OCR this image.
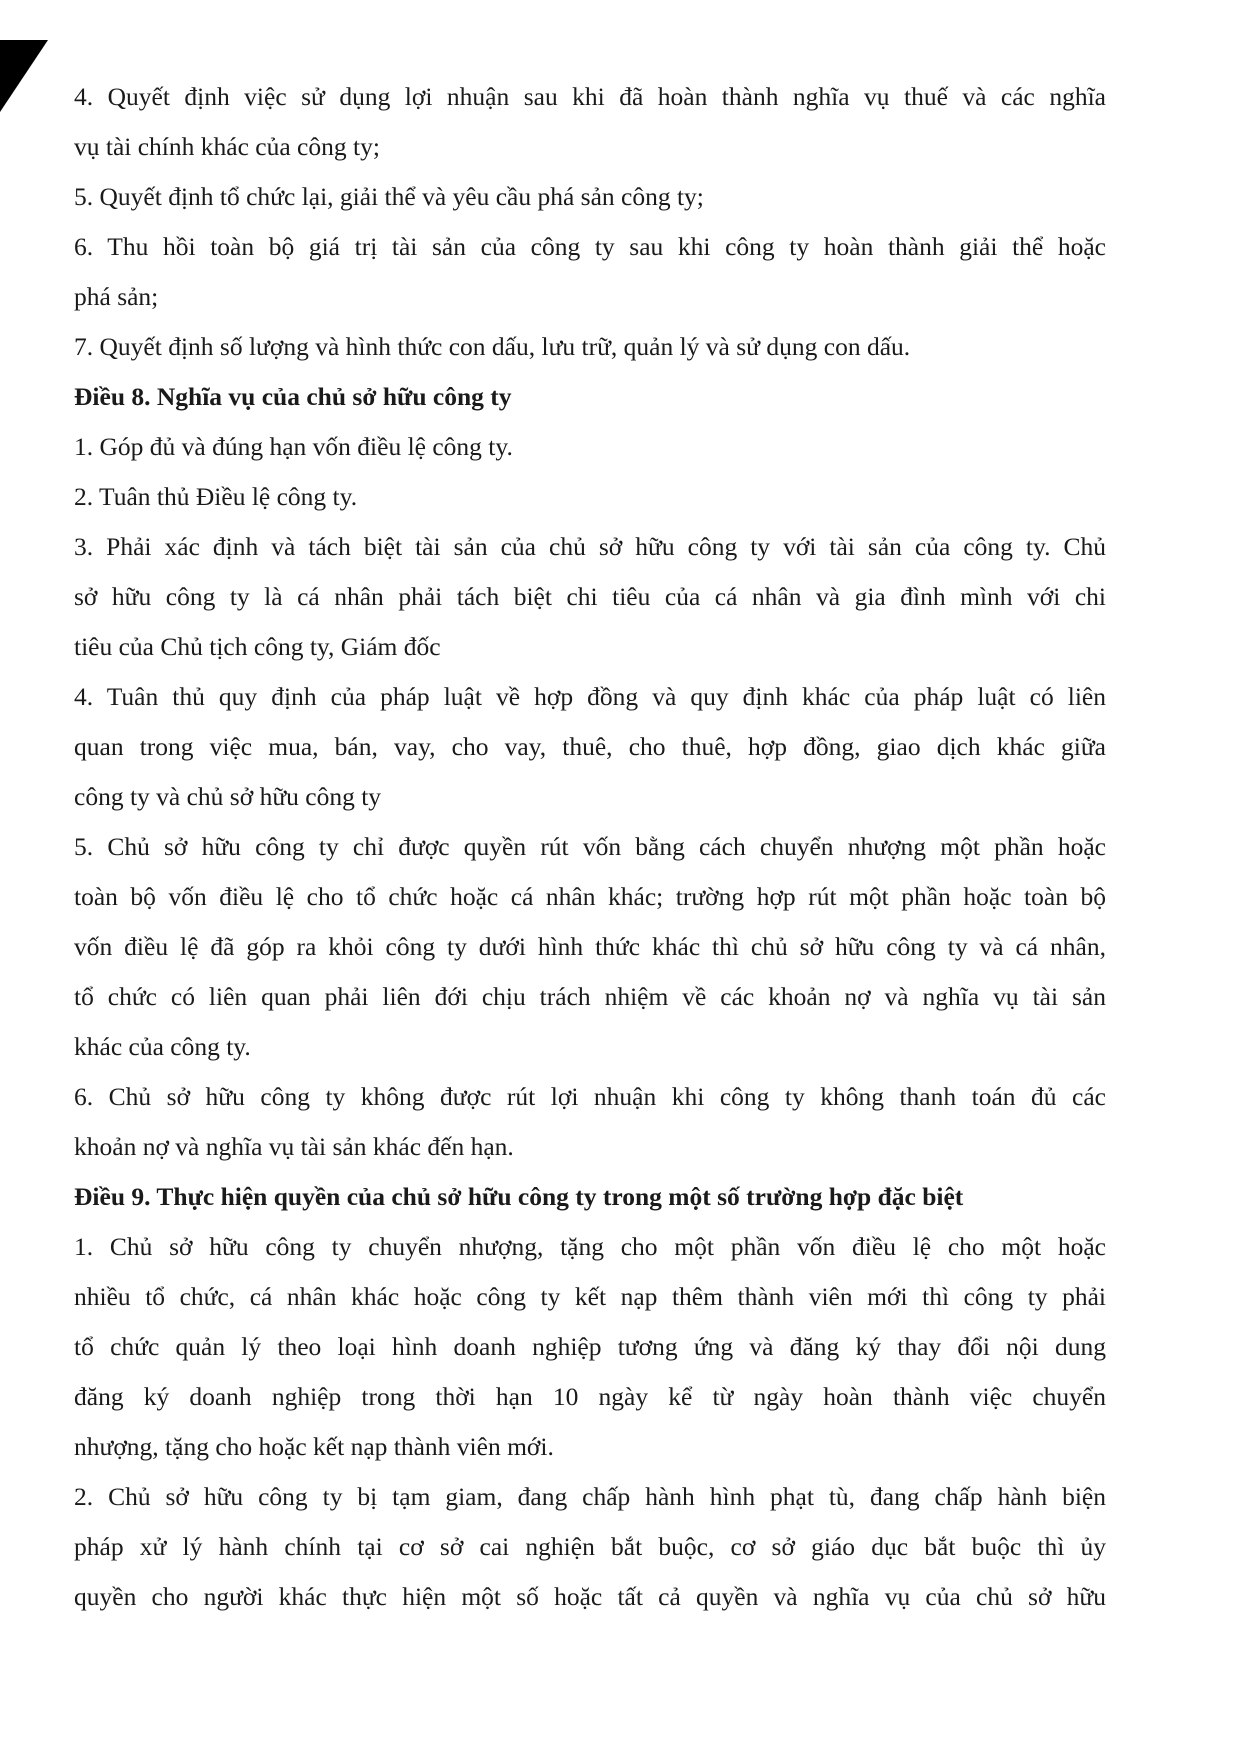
4. Quyết định việc sử dụng lợi nhuận sau khi đã hoàn thành nghĩa vụ thuế và các nghĩa

vụ tài chính khác của công ty;

5. Quyết định tổ chức lại, giải thể và yêu cầu phá sản công ty;

6. Thu hồi toàn bộ giá trị tài sản của công ty sau khi công ty hoàn thành giải thể hoặc

phá sản;

7. Quyết định số lượng và hình thức con dấu, lưu trữ, quản lý và sử dụng con dấu.

Điều 8. Nghĩa vụ của chủ sở hữu công ty

1. Góp đủ và đúng hạn vốn điều lệ công ty.

2. Tuân thủ Điều lệ công ty.

3. Phải xác định và tách biệt tài sản của chủ sở hữu công ty với tài sản của công ty. Chủ

sở hữu công ty là cá nhân phải tách biệt chi tiêu của cá nhân và gia đình mình với chi

tiêu của Chủ tịch công ty, Giám đốc

4. Tuân thủ quy định của pháp luật về hợp đồng và quy định khác của pháp luật có liên

quan trong việc mua, bán, vay, cho vay, thuê, cho thuê, hợp đồng, giao dịch khác giữa

công ty và chủ sở hữu công ty

5. Chủ sở hữu công ty chỉ được quyền rút vốn bằng cách chuyển nhượng một phần hoặc

toàn bộ vốn điều lệ cho tổ chức hoặc cá nhân khác; trường hợp rút một phần hoặc toàn bộ

vốn điều lệ đã góp ra khỏi công ty dưới hình thức khác thì chủ sở hữu công ty và cá nhân,

tổ chức có liên quan phải liên đới chịu trách nhiệm về các khoản nợ và nghĩa vụ tài sản

khác của công ty.

6. Chủ sở hữu công ty không được rút lợi nhuận khi công ty không thanh toán đủ các

khoản nợ và nghĩa vụ tài sản khác đến hạn.

Điều 9. Thực hiện quyền của chủ sở hữu công ty trong một số trường hợp đặc biệt

1. Chủ sở hữu công ty chuyển nhượng, tặng cho một phần vốn điều lệ cho một hoặc

nhiều tổ chức, cá nhân khác hoặc công ty kết nạp thêm thành viên mới thì công ty phải

tổ chức quản lý theo loại hình doanh nghiệp tương ứng và đăng ký thay đổi nội dung

đăng ký doanh nghiệp trong thời hạn 10 ngày kể từ ngày hoàn thành việc chuyển

nhượng, tặng cho hoặc kết nạp thành viên mới.

2. Chủ sở hữu công ty bị tạm giam, đang chấp hành hình phạt tù, đang chấp hành biện

pháp xử lý hành chính tại cơ sở cai nghiện bắt buộc, cơ sở giáo dục bắt buộc thì ủy

quyền cho người khác thực hiện một số hoặc tất cả quyền và nghĩa vụ của chủ sở hữu
